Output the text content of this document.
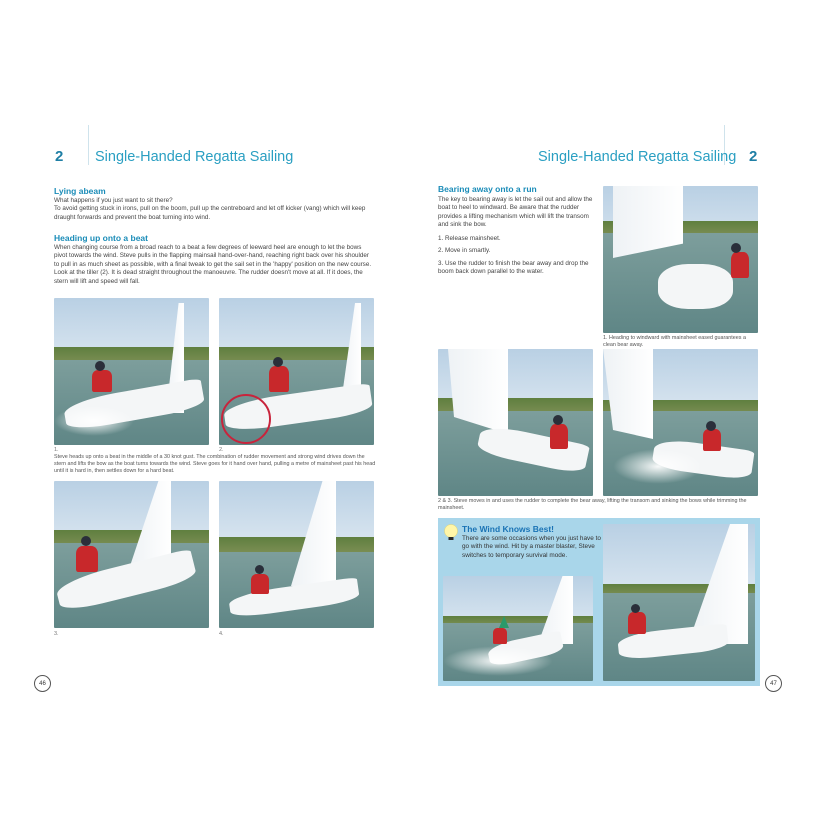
2 Single-Handed Regatta Sailing
Lying abeam
What happens if you just want to sit there?
To avoid getting stuck in irons, pull on the boom, pull up the centreboard and let off kicker (vang) which will keep draught forwards and prevent the boat turning into wind.
Heading up onto a beat
When changing course from a broad reach to a beat a few degrees of leeward heel are enough to let the bows pivot towards the wind. Steve pulls in the flapping mainsail hand-over-hand, reaching right back over his shoulder to pull in as much sheet as possible, with a final tweak to get the sail set in the 'happy' position on the new course. Look at the tiller (2). It is dead straight throughout the manoeuvre. The rudder doesn't move at all. If it does, the stern will lift and speed will fall.
1.	2.
Steve heads up onto a beat in the middle of a 30 knot gust. The combination of rudder movement and strong wind drives down the stern and lifts the bow as the boat turns towards the wind. Steve goes for it hand over hand, pulling a metre of mainsheet past his head until it is hard in, then settles down for a hard beat.
3.	4.
46
Single-Handed Regatta Sailing 2
Bearing away onto a run
The key to bearing away is let the sail out and allow the boat to heel to windward. Be aware that the rudder provides a lifting mechanism which will lift the transom and sink the bow.
1. Release mainsheet.
2. Move in smartly.
3. Use the rudder to finish the bear away and drop the boom back down parallel to the water.
1. Heading to windward with mainsheet eased guarantees a clean bear away.
2 & 3. Steve moves in and uses the rudder to complete the bear away, lifting the transom and sinking the bows while trimming the mainsheet.
The Wind Knows Best!
There are some occasions when you just have to go with the wind. Hit by a master blaster, Steve switches to temporary survival mode.
47
